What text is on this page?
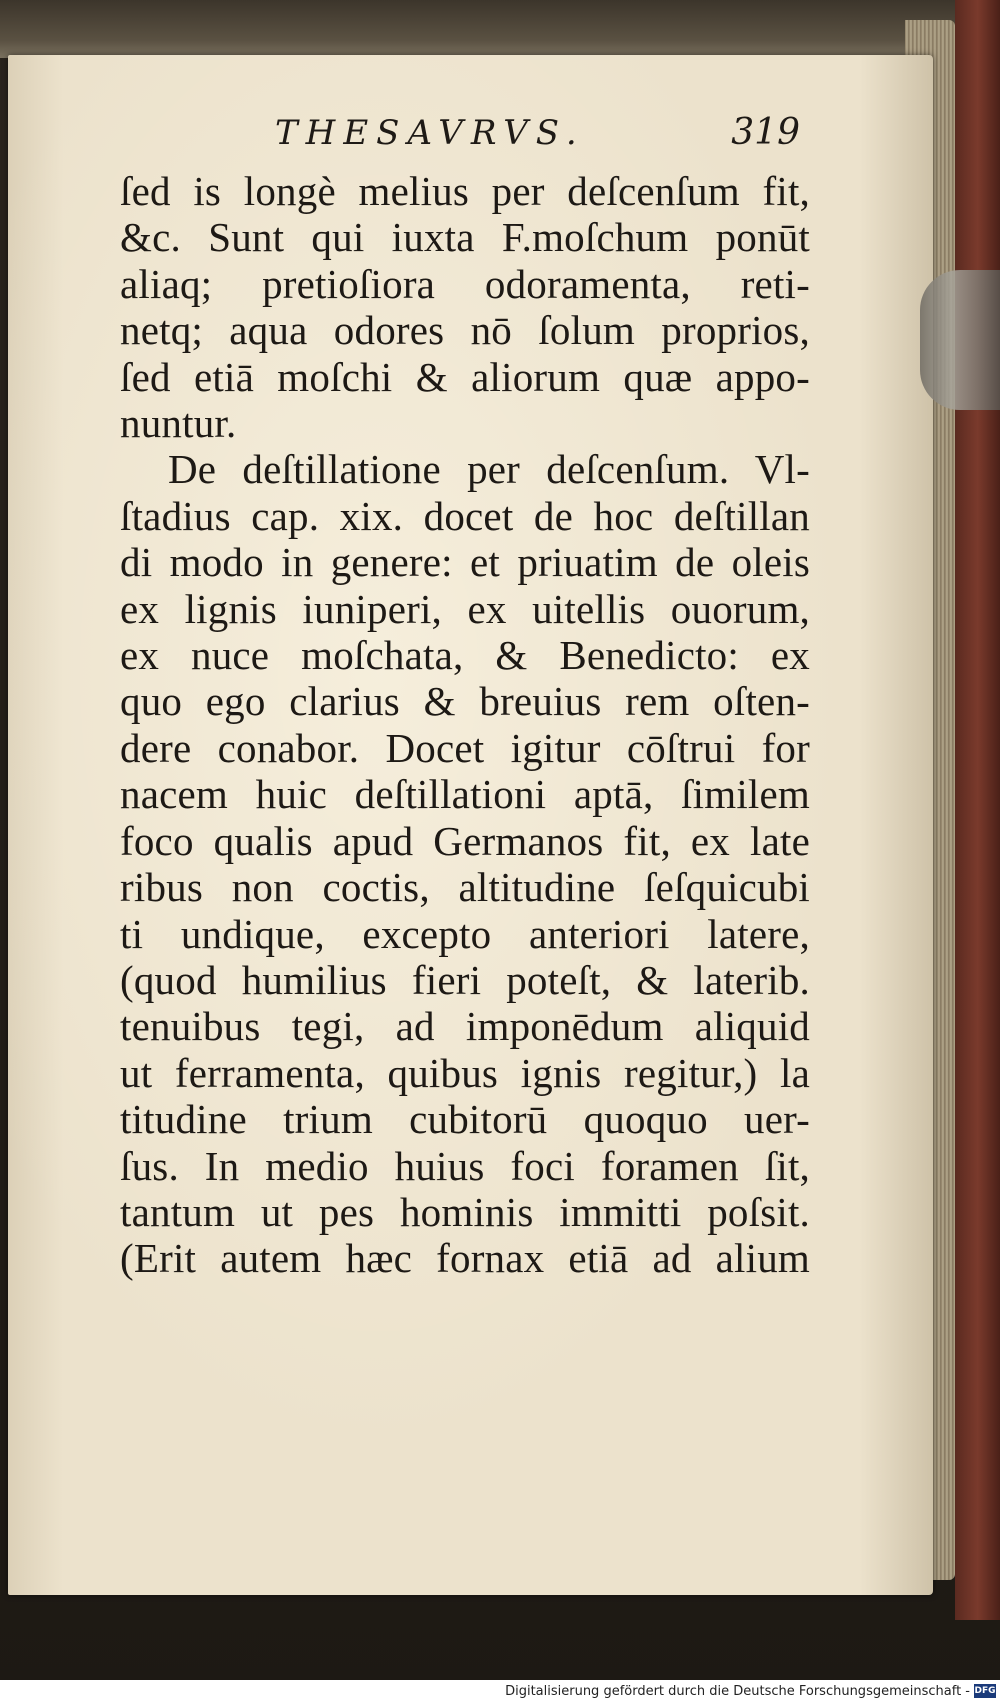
THESAVRVS.	319
ſed is longè melius per deſcenſum fit,
&c. Sunt qui iuxta F.moſchum ponūt
aliaq; pretioſiora odoramenta, reti-
netq; aqua odores nō ſolum proprios,
ſed etiā moſchi & aliorum quæ appo-
nuntur.
De deſtillatione per deſcenſum. Vl-
ſtadius cap. xix. docet de hoc deſtillan
di modo in genere: et priuatim de oleis
ex lignis iuniperi, ex uitellis ouorum,
ex nuce moſchata, & Benedicto: ex
quo ego clarius & breuius rem oſten-
dere conabor. Docet igitur cōſtrui for
nacem huic deſtillationi aptā, ſimilem
foco qualis apud Germanos fit, ex late
ribus non coctis, altitudine ſeſquicubi
ti undique, excepto anteriori latere,
(quod humilius fieri poteſt, & laterib.
tenuibus tegi, ad imponēdum aliquid
ut ferramenta, quibus ignis regitur,) la
titudine trium cubitorū quoquo uer-
ſus. In medio huius foci foramen ſit,
tantum ut pes hominis immitti poſsit.
(Erit autem hæc fornax etiā ad alium
Digitalisierung gefördert durch die Deutsche Forschungsgemeinschaft - DFG
